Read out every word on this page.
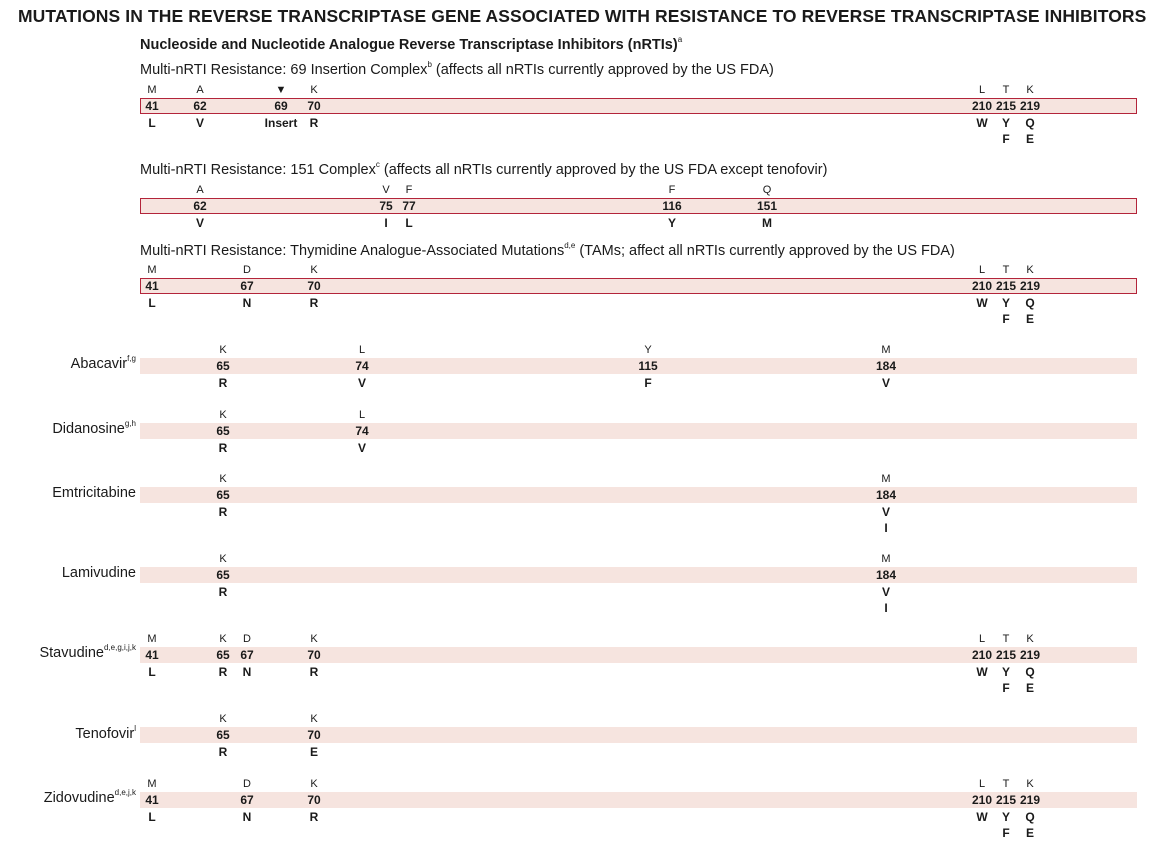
MUTATIONS IN THE REVERSE TRANSCRIPTASE GENE ASSOCIATED WITH RESISTANCE TO REVERSE TRANSCRIPTASE INHIBITORS
Nucleoside and Nucleotide Analogue Reverse Transcriptase Inhibitors (nRTIs)$^a$
Multi-nRTI Resistance: 69 Insertion Complex$^b$ (affects all nRTIs currently approved by the US FDA)
Multi-nRTI Resistance: 151 Complex$^c$ (affects all nRTIs currently approved by the US FDA except tenofovir)
Multi-nRTI Resistance: Thymidine Analogue-Associated Mutations$^{d,e}$ (TAMs; affect all nRTIs currently approved by the US FDA)
Abacavir$^{f,g}$
Didanosine$^{g,h}$
Emtricitabine
Lamivudine
Stavudine$^{d,e,g,i,j,k}$
Tenofovir$^l$
Zidovudine$^{d,e,j,k}$
M
41
L
A
62
V
▼
69
Insert
K
70
R
L
210
W
T
215
Y
F
K
219
Q
E
A
62
V
V
75
I
F
77
L
F
116
Y
Q
151
M
M
41
L
D
67
N
K
70
R
L
210
W
T
215
Y
F
K
219
Q
E
K
65
R
L
74
V
Y
115
F
M
184
V
K
65
R
L
74
V
K
65
R
M
184
V
I
K
65
R
M
184
V
I
M
41
L
K
65
R
D
67
N
K
70
R
L
210
W
T
215
Y
F
K
219
Q
E
K
65
R
K
70
E
M
41
L
D
67
N
K
70
R
L
210
W
T
215
Y
F
K
219
Q
E
